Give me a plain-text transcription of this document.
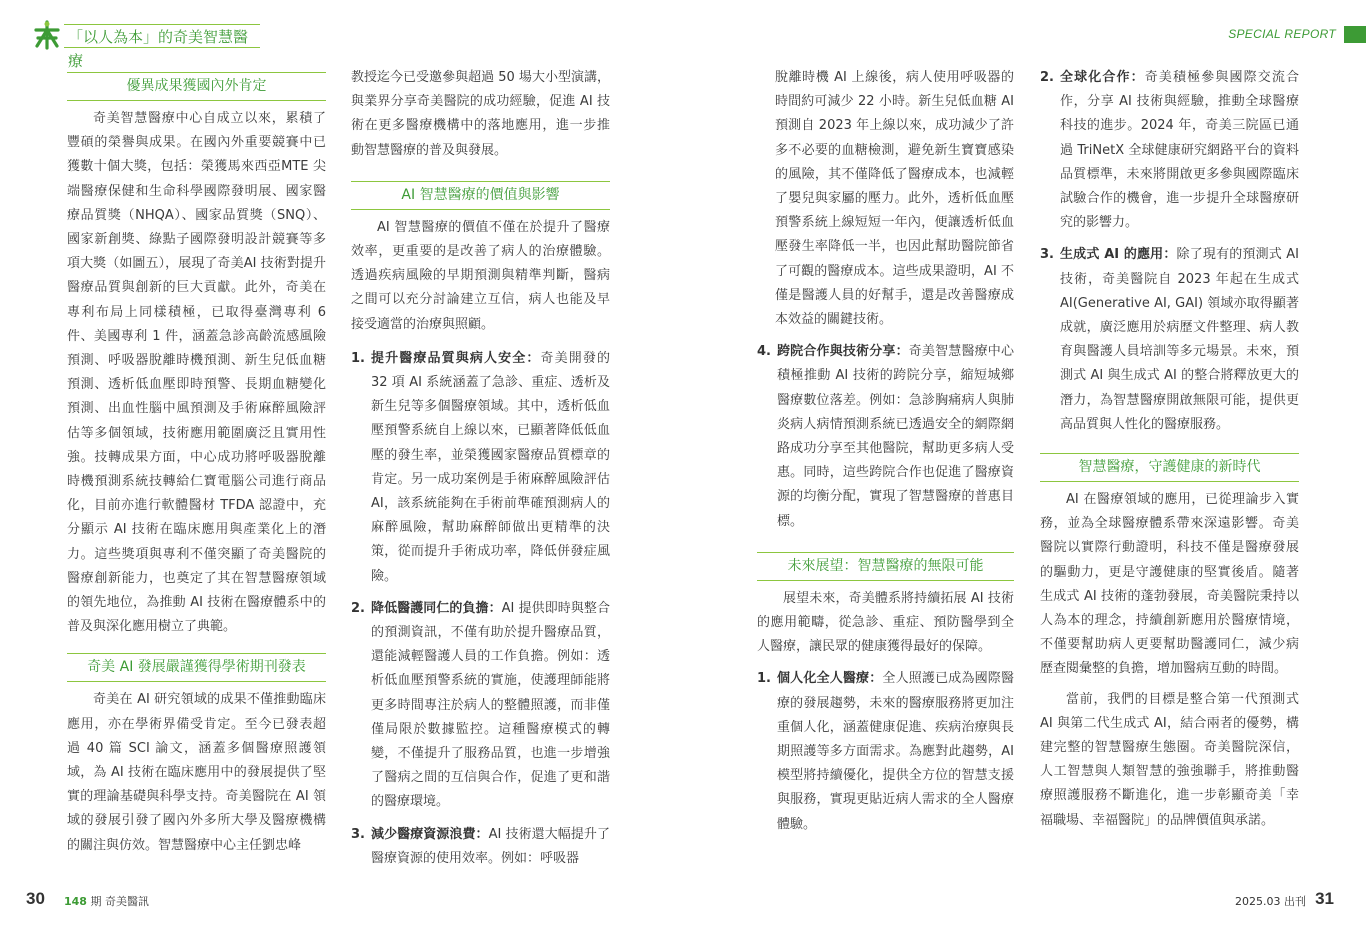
「以人為本」的奇美智慧醫療
SPECIAL REPORT
優異成果獲國內外肯定

奇美智慧醫療中心自成立以來，累積了豐碩的榮譽與成果。在國內外重要競賽中已獲數十個大獎，包括：榮獲馬來西亞MTE 尖端醫療保健和生命科學國際發明展、國家醫療品質獎（NHQA）、國家品質獎（SNQ）、國家新創獎、綠點子國際發明設計競賽等多項大獎（如圖五），展現了奇美AI 技術對提升醫療品質與創新的巨大貢獻。此外，奇美在專利布局上同樣積極，已取得臺灣專利 6 件、美國專利 1 件，涵蓋急診高齡流感風險預測、呼吸器脫離時機預測、新生兒低血糖預測、透析低血壓即時預警、長期血糖變化預測、出血性腦中風預測及手術麻醉風險評估等多個領域，技術應用範圍廣泛且實用性強。技轉成果方面，中心成功將呼吸器脫離時機預測系統技轉給仁寶電腦公司進行商品化，目前亦進行軟體醫材 TFDA 認證中，充分顯示 AI 技術在臨床應用與產業化上的潛力。這些獎項與專利不僅突顯了奇美醫院的醫療創新能力，也奠定了其在智慧醫療領域的領先地位，為推動 AI 技術在醫療體系中的普及與深化應用樹立了典範。

奇美 AI 發展嚴謹獲得學術期刊發表

奇美在 AI 研究領域的成果不僅推動臨床應用，亦在學術界備受肯定。至今已發表超過 40 篇 SCI 論文，涵蓋多個醫療照護領域，為 AI 技術在臨床應用中的發展提供了堅實的理論基礎與科學支持。奇美醫院在 AI 領域的發展引發了國內外多所大學及醫療機構的關注與仿效。智慧醫療中心主任劉忠峰

教授迄今已受邀參與超過 50 場大小型演講，與業界分享奇美醫院的成功經驗，促進 AI 技術在更多醫療機構中的落地應用，進一步推動智慧醫療的普及與發展。

AI 智慧醫療的價值與影響

AI 智慧醫療的價值不僅在於提升了醫療效率，更重要的是改善了病人的治療體驗。透過疾病風險的早期預測與精準判斷，醫病之間可以充分討論建立互信，病人也能及早接受適當的治療與照顧。

1. 提升醫療品質與病人安全：奇美開發的 32 項 AI 系統涵蓋了急診、重症、透析及新生兒等多個醫療領域。其中，透析低血壓預警系統自上線以來，已顯著降低低血壓的發生率，並榮獲國家醫療品質標章的肯定。另一成功案例是手術麻醉風險評估 AI，該系統能夠在手術前準確預測病人的麻醉風險，幫助麻醉師做出更精準的決策，從而提升手術成功率，降低併發症風險。
2. 降低醫護同仁的負擔：AI 提供即時與整合的預測資訊，不僅有助於提升醫療品質，還能減輕醫護人員的工作負擔。例如：透析低血壓預警系統的實施，使護理師能將更多時間專注於病人的整體照護，而非僅僅局限於數據監控。這種醫療模式的轉變，不僅提升了服務品質，也進一步增強了醫病之間的互信與合作，促進了更和諧的醫療環境。
3. 減少醫療資源浪費：AI 技術還大幅提升了醫療資源的使用效率。例如：呼吸器

脫離時機 AI 上線後，病人使用呼吸器的時間約可減少 22 小時。新生兒低血糖 AI 預測自 2023 年上線以來，成功減少了許多不必要的血糖檢測，避免新生寶寶感染的風險，其不僅降低了醫療成本，也減輕了嬰兒與家屬的壓力。此外，透析低血壓預警系統上線短短一年內，便讓透析低血壓發生率降低一半，也因此幫助醫院節省了可觀的醫療成本。這些成果證明，AI 不僅是醫護人員的好幫手，還是改善醫療成本效益的關鍵技術。

4. 跨院合作與技術分享：奇美智慧醫療中心積極推動 AI 技術的跨院分享，縮短城鄉醫療數位落差。例如：急診胸痛病人與肺炎病人病情預測系統已透過安全的網際網路成功分享至其他醫院，幫助更多病人受惠。同時，這些跨院合作也促進了醫療資源的均衡分配，實現了智慧醫療的普惠目標。
未來展望：智慧醫療的無限可能

展望未來，奇美體系將持續拓展 AI 技術的應用範疇，從急診、重症、預防醫學到全人醫療，讓民眾的健康獲得最好的保障。

1. 個人化全人醫療：全人照護已成為國際醫療的發展趨勢，未來的醫療服務將更加注重個人化，涵蓋健康促進、疾病治療與長期照護等多方面需求。為應對此趨勢，AI 模型將持續優化，提供全方位的智慧支援與服務，實現更貼近病人需求的全人醫療體驗。
2. 全球化合作：奇美積極參與國際交流合作，分享 AI 技術與經驗，推動全球醫療科技的進步。2024 年，奇美三院區已通過 TriNetX 全球健康研究網路平台的資料品質標準，未來將開啟更多參與國際臨床試驗合作的機會，進一步提升全球醫療研究的影響力。
3. 生成式 AI 的應用：除了現有的預測式 AI 技術，奇美醫院自 2023 年起在生成式 AI(Generative AI, GAI) 領域亦取得顯著成就，廣泛應用於病歷文件整理、病人教育與醫護人員培訓等多元場景。未來，預測式 AI 與生成式 AI 的整合將釋放更大的潛力，為智慧醫療開啟無限可能，提供更高品質與人性化的醫療服務。
智慧醫療，守護健康的新時代

AI 在醫療領域的應用，已從理論步入實務，並為全球醫療體系帶來深遠影響。奇美醫院以實際行動證明，科技不僅是醫療發展的驅動力，更是守護健康的堅實後盾。隨著生成式 AI 技術的蓬勃發展，奇美醫院秉持以人為本的理念，持續創新應用於醫療情境，不僅要幫助病人更要幫助醫護同仁，減少病歷查閱彙整的負擔，增加醫病互動的時間。

當前，我們的目標是整合第一代預測式AI 與第二代生成式 AI，結合兩者的優勢，構建完整的智慧醫療生態圈。奇美醫院深信，人工智慧與人類智慧的強強聯手，將推動醫療照護服務不斷進化，進一步彰顯奇美「幸福職場、幸福醫院」的品牌價值與承諾。

30 148 期 奇美醫訊	2025.03 出刊 31
